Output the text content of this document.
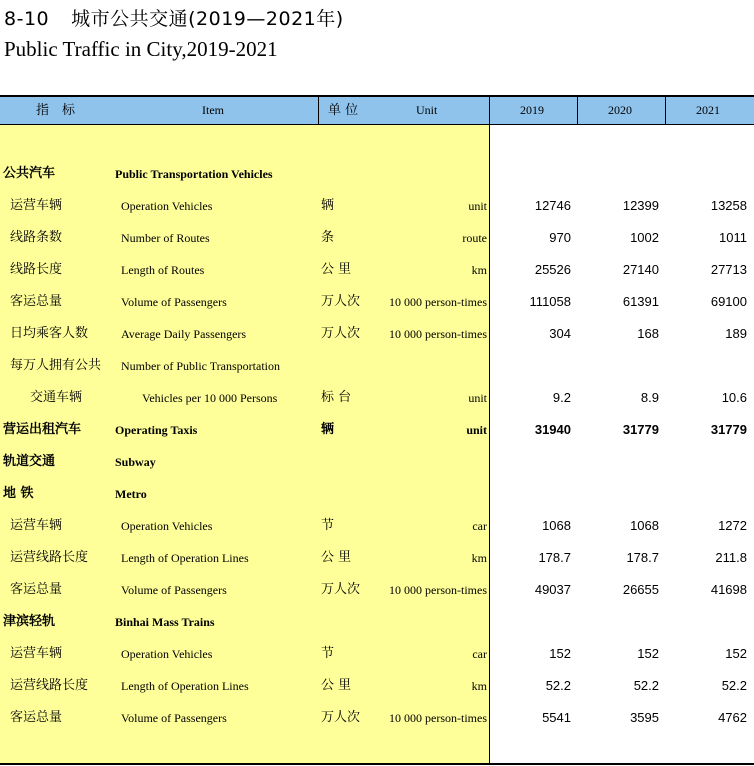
8-10 城市公共交通(2019—2021年)
Public Traffic in City,2019-2021
指　标	Item	单 位	Unit	2019	2020	2021
公共汽车	Public Transportation Vehicles
运营车辆	Operation Vehicles	辆	unit	12746	12399	13258
线路条数	Number of Routes	条	route	970	1002	1011
线路长度	Length of Routes	公 里	km	25526	27140	27713
客运总量	Volume of Passengers	万人次 10 000 person-times	111058	61391	69100
日均乘客人数	Average Daily Passengers	万人次 10 000 person-times	304	168	189
每万人拥有公共 Number of Public Transportation
交通车辆	Vehicles per 10 000 Persons	标 台	unit	9.2	8.9	10.6
营运出租汽车	Operating Taxis	辆	unit	31940	31779	31779
轨道交通	Subway
地 铁	Metro
运营车辆	Operation Vehicles	节	car	1068	1068	1272
运营线路长度	Length of Operation Lines	公 里	km	178.7	178.7	211.8
客运总量	Volume of Passengers	万人次 10 000 person-times	49037	26655	41698
津滨轻轨	Binhai Mass Trains
运营车辆	Operation Vehicles	节	car	152	152	152
运营线路长度	Length of Operation Lines	公 里	km	52.2	52.2	52.2
客运总量	Volume of Passengers	万人次 10 000 person-times	5541	3595	4762
